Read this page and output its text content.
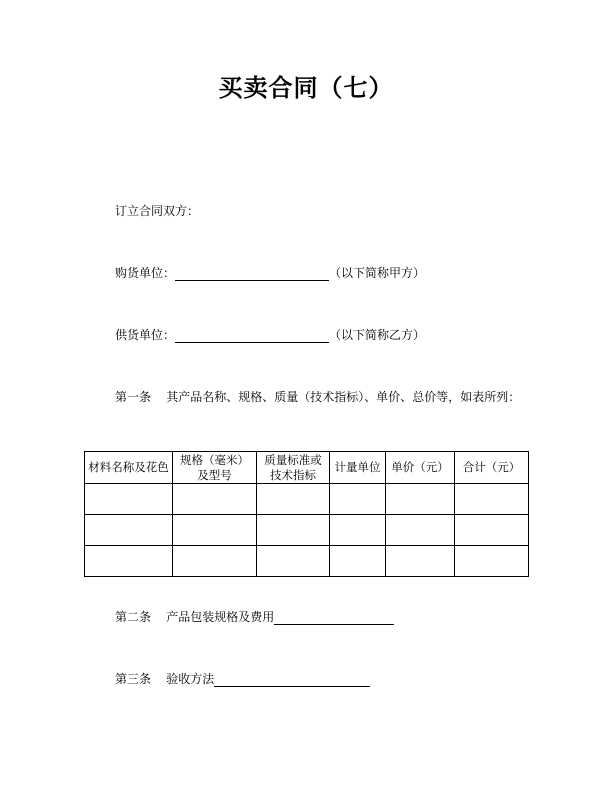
买卖合同（七）
订立合同双方：
购货单位：	（以下简称甲方）
供货单位：	（以下简称乙方）
第一条    其产品名称、规格、质量（技术指标）、单价、总价等，如表所列：
材料名称及花色	规格（毫米）及型号	质量标准或技术指标	计量单位	单价（元）	合计（元）

第二条    产品包装规格及费用
第三条    验收方法
